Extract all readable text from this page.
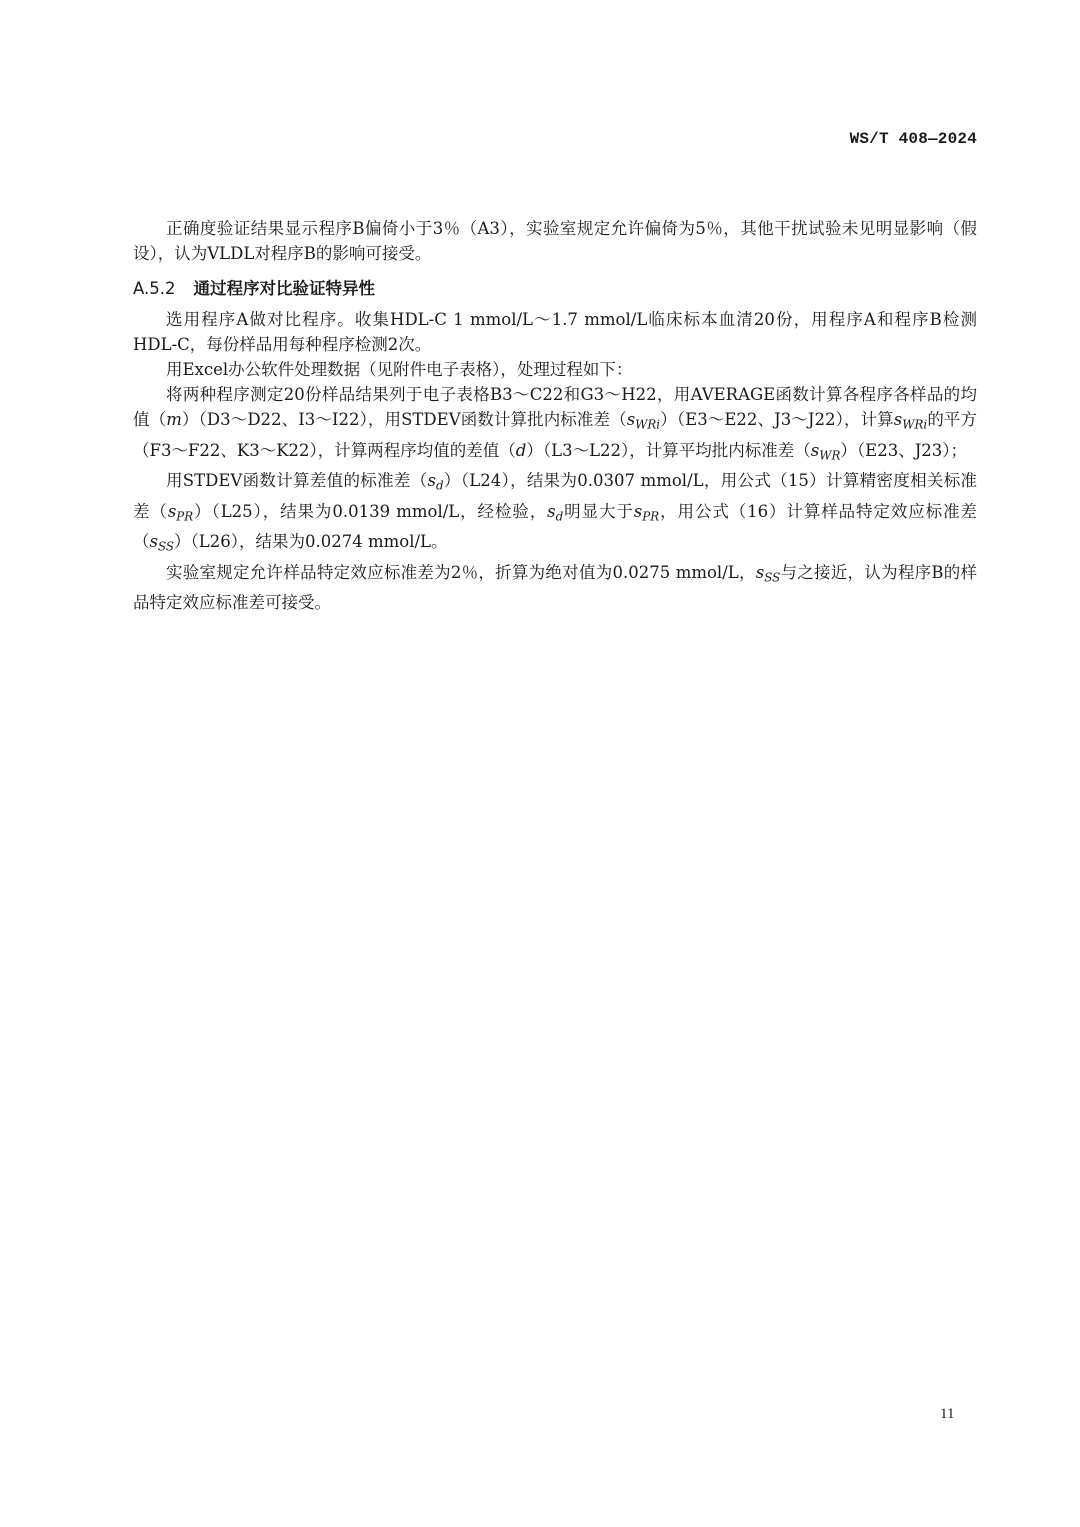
WS/T 408—2024

正确度验证结果显示程序B偏倚小于3％（A3），实验室规定允许偏倚为5％，其他干扰试验未见明显影响（假设），认为VLDL对程序B的影响可接受。

A.5.2 通过程序对比验证特异性

选用程序A做对比程序。收集HDL-C 1 mmol/L～1.7 mmol/L临床标本血清20份，用程序A和程序B检测HDL-C，每份样品用每种程序检测2次。

用Excel办公软件处理数据（见附件电子表格），处理过程如下：

将两种程序测定20份样品结果列于电子表格B3～C22和G3～H22，用AVERAGE函数计算各程序各样品的均值（m）（D3～D22、I3～I22），用STDEV函数计算批内标准差$(s_{WRi})(E3\sim E22$、J3～J22），计算$s_{WRi}$的平方（F3～F22、K3～K22），计算两程序均值的差值（d）（L3～L22），计算平均批内标准差$(s_{WR})(E23$、J23）；

用STDEV函数计算差值的标准差$(s_d)(L24)$，结果为0.0307 mmol/L，用公式（15）计算精密度相关标准差$(s_{PR})(L25)$，结果为0.0139 mmol/L，经检验，$s_d$明显大于$s_{PR}$，用公式（16）计算样品特定效应标准差$(s_{SS})(L26)$，结果为0.0274 mmol/L。

实验室规定允许样品特定效应标准差为2％，折算为绝对值为0.0275 mmol/L，$s_{SS}$与之接近，认为程序B的样品特定效应标准差可接受。

11
